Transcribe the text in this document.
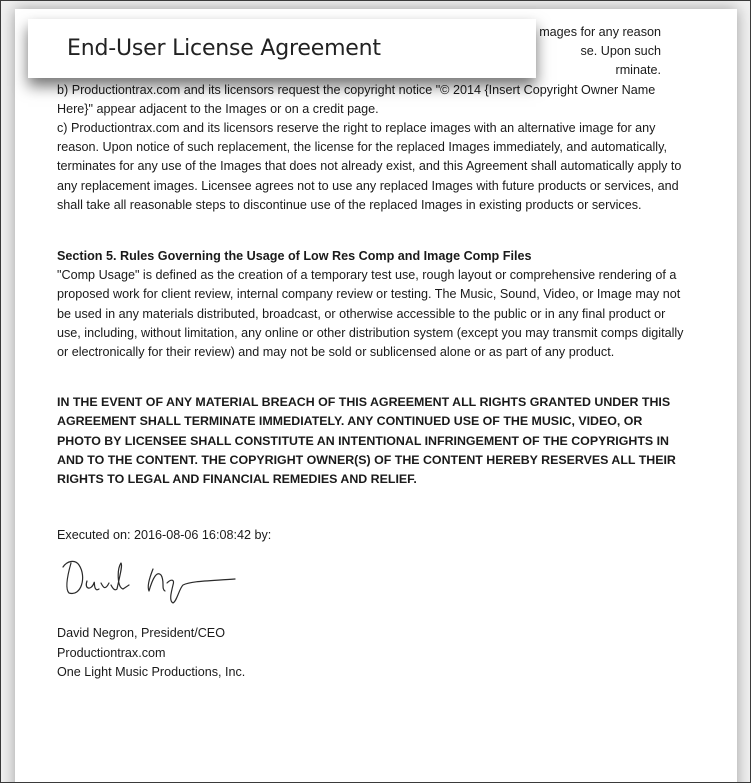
mages for any reason

se. Upon such

rminate.

b) Productiontrax.com and its licensors request the copyright notice "© 2014 {Insert Copyright Owner Name Here}" appear adjacent to the Images or on a credit page.

c) Productiontrax.com and its licensors reserve the right to replace images with an alternative image for any reason. Upon notice of such replacement, the license for the replaced Images immediately, and automatically, terminates for any use of the Images that does not already exist, and this Agreement shall automatically apply to any replacement images. Licensee agrees not to use any replaced Images with future products or services, and shall take all reasonable steps to discontinue use of the replaced Images in existing products or services.

Section 5. Rules Governing the Usage of Low Res Comp and Image Comp Files

"Comp Usage" is defined as the creation of a temporary test use, rough layout or comprehensive rendering of a proposed work for client review, internal company review or testing. The Music, Sound, Video, or Image may not be used in any materials distributed, broadcast, or otherwise accessible to the public or in any final product or use, including, without limitation, any online or other distribution system (except you may transmit comps digitally or electronically for their review) and may not be sold or sublicensed alone or as part of any product.

IN THE EVENT OF ANY MATERIAL BREACH OF THIS AGREEMENT ALL RIGHTS GRANTED UNDER THIS AGREEMENT SHALL TERMINATE IMMEDIATELY. ANY CONTINUED USE OF THE MUSIC, VIDEO, OR PHOTO BY LICENSEE SHALL CONSTITUTE AN INTENTIONAL INFRINGEMENT OF THE COPYRIGHTS IN AND TO THE CONTENT. THE COPYRIGHT OWNER(S) OF THE CONTENT HEREBY RESERVES ALL THEIR RIGHTS TO LEGAL AND FINANCIAL REMEDIES AND RELIEF.

Executed on: 2016-08-06 16:08:42 by:

David Negron, President/CEO

Productiontrax.com

One Light Music Productions, Inc.

End-User License Agreement
